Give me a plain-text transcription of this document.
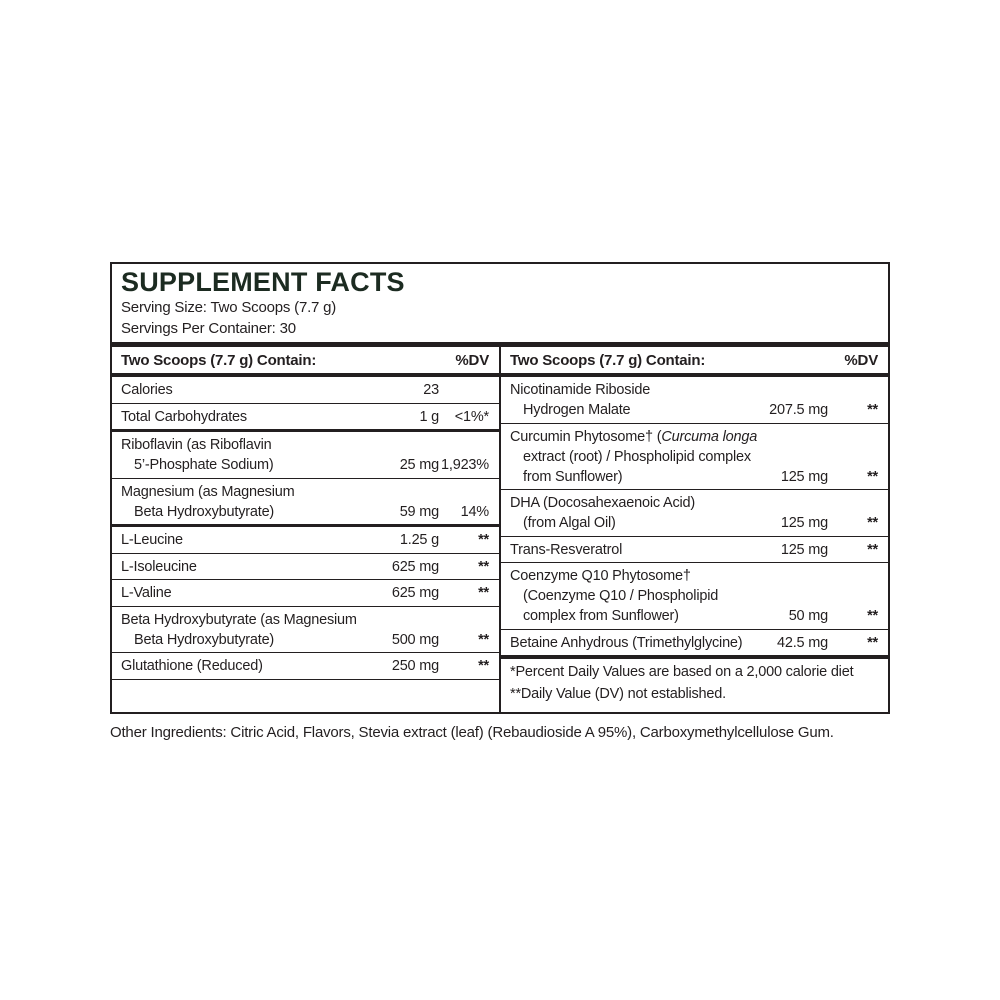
SUPPLEMENT FACTS
Serving Size: Two Scoops (7.7 g)
Servings Per Container: 30
Two Scoops (7.7 g) Contain:	%DV
Calories	23
Total Carbohydrates	1 g	<1%*
Riboflavin (as Riboflavin
5’-Phosphate Sodium)	25 mg 1,923%
Magnesium (as Magnesium
Beta Hydroxybutyrate)	59 mg	14%
L-Leucine	1.25 g	**
L-Isoleucine	625 mg	**
L-Valine	625 mg	**
Beta Hydroxybutyrate (as Magnesium
Beta Hydroxybutyrate)	500 mg	**
Glutathione (Reduced)	250 mg	**
Two Scoops (7.7 g) Contain:	%DV
Nicotinamide Riboside
Hydrogen Malate	207.5 mg	**
Curcumin Phytosome† (Curcuma longa
extract (root) / Phospholipid complex
from Sunflower)	125 mg	**
DHA (Docosahexaenoic Acid)
(from Algal Oil)	125 mg	**
Trans-Resveratrol	125 mg	**
Coenzyme Q10 Phytosome†
(Coenzyme Q10 / Phospholipid
complex from Sunflower)	50 mg	**
Betaine Anhydrous (Trimethylglycine)	42.5 mg	**
*Percent Daily Values are based on a 2,000 calorie diet
**Daily Value (DV) not established.
Other Ingredients: Citric Acid, Flavors, Stevia extract (leaf) (Rebaudioside A 95%), Carboxymethylcellulose Gum.
